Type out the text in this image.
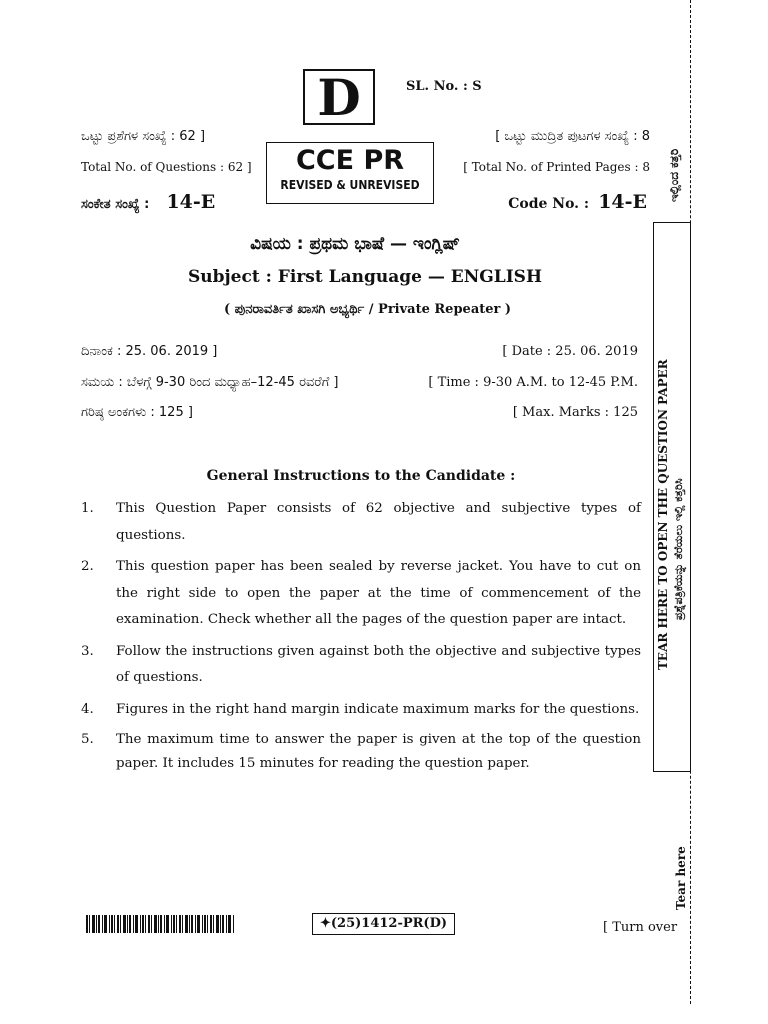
D	SL. No. : S
ಒಟ್ಟು ಪ್ರಶೆಗಳ ಸಂಖ್ಯೆ : 62 ]
Total No. of Questions : 62 ]
[ ಒಟ್ಟು ಮುದ್ರಿತ ಪುಟಗಳ ಸಂಖ್ಯೆ : 8
[ Total No. of Printed Pages : 8
CCE PR
REVISED & UNREVISED
ಸಂಕೇತ ಸಂಖ್ಯೆ : 14-E	Code No. : 14-E
ವಿಷಯ : ಪ್ರಥಮ ಭಾಷೆ — ಇಂಗ್ಲಿಷ್
Subject : First Language — ENGLISH
( ಪುನರಾವರ್ತಿತ ಖಾಸಗಿ ಅಭ್ಯರ್ಥಿ / Private Repeater )
ದಿನಾಂಕ : 25. 06. 2019 ]	[ Date : 25. 06. 2019
ಸಮಯ : ಬೆಳಗ್ಗೆ 9-30 ರಿಂದ ಮಧ್ಯಾಹ–12-45 ರವರೆಗೆ ]	[ Time : 9-30 A.M. to 12-45 P.M.
ಗರಿಷ್ಠ ಅಂಕಗಳು : 125 ]	[ Max. Marks : 125
General Instructions to the Candidate :
1.	This Question Paper consists of 62 objective and subjective types of questions.
2.	This question paper has been sealed by reverse jacket. You have to cut on the right side to open the paper at the time of commencement of the examination. Check whether all the pages of the question paper are intact.
3.	Follow the instructions given against both the objective and subjective types of questions.
4.	Figures in the right hand margin indicate maximum marks for the questions.
5.	The maximum time to answer the paper is given at the top of the question paper. It includes 15 minutes for reading the question paper.
ಇಲ್ಲಿಂದ ಕತ್ತರಿ
TEAR HERE TO OPEN THE QUESTION PAPER ಪ್ರಶ್ನೆಪತ್ರಿಕೆಯನ್ನು ತೆರೆಯಲು ಇಲ್ಲಿ ಕತ್ತರಿಸಿ
Tear here
✦(25)1412-PR(D)	[ Turn over
